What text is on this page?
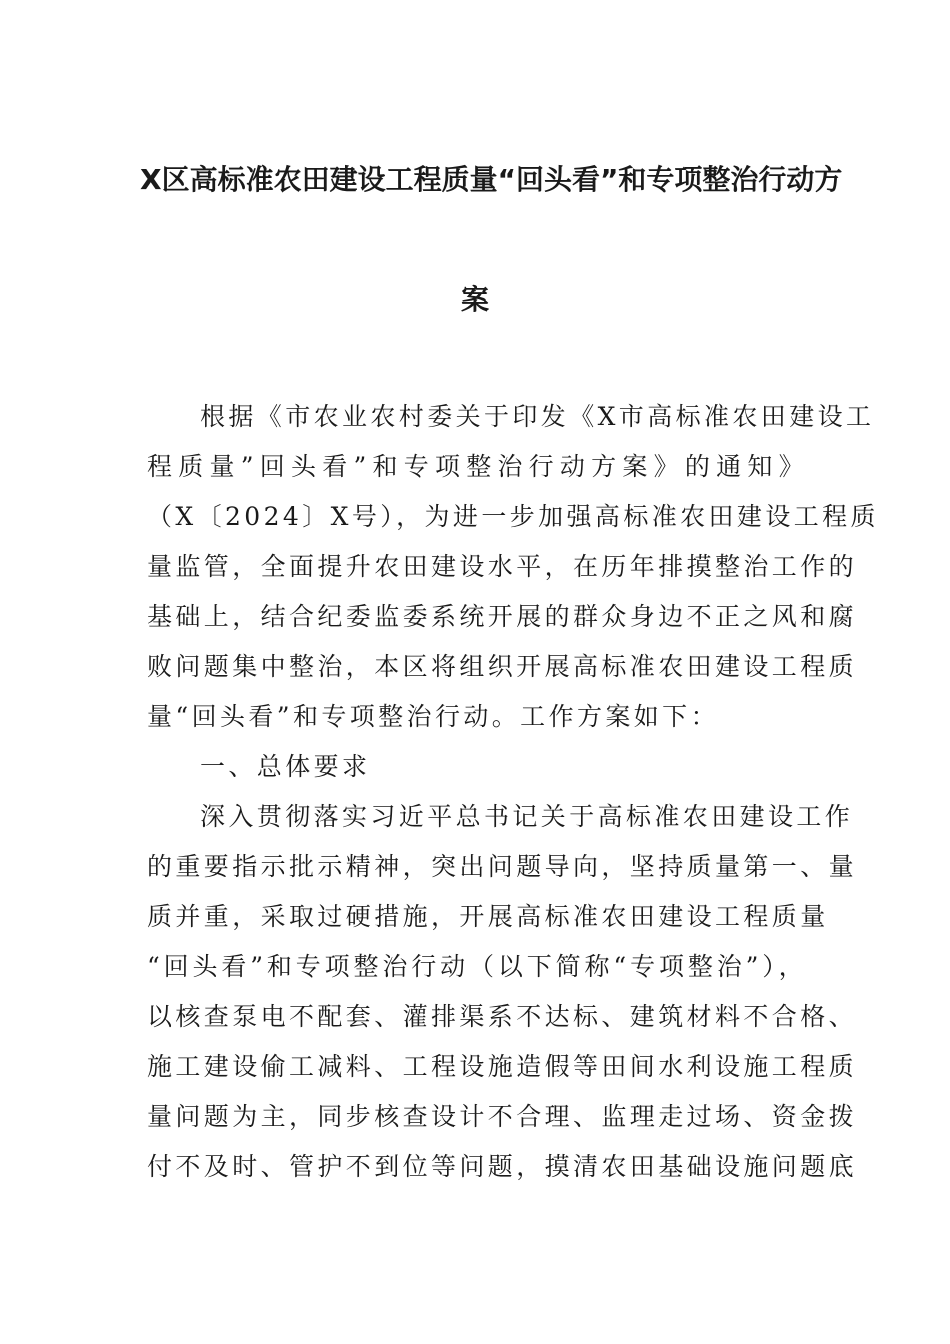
X区高标准农田建设工程质量“回头看”和专项整治行动方
案
根据《市农业农村委关于印发《X市高标准农田建设工
程质量”回头看”和专项整治行动方案》的通知》
（X〔2024〕X号），为进一步加强高标准农田建设工程质
量监管，全面提升农田建设水平，在历年排摸整治工作的
基础上，结合纪委监委系统开展的群众身边不正之风和腐
败问题集中整治，本区将组织开展高标准农田建设工程质
量“回头看”和专项整治行动。工作方案如下：
一、总体要求
深入贯彻落实习近平总书记关于高标准农田建设工作
的重要指示批示精神，突出问题导向，坚持质量第一、量
质并重，采取过硬措施，开展高标准农田建设工程质量
“回头看”和专项整治行动（以下简称“专项整治”），
以核查泵电不配套、灌排渠系不达标、建筑材料不合格、
施工建设偷工减料、工程设施造假等田间水利设施工程质
量问题为主，同步核查设计不合理、监理走过场、资金拨
付不及时、管护不到位等问题，摸清农田基础设施问题底
